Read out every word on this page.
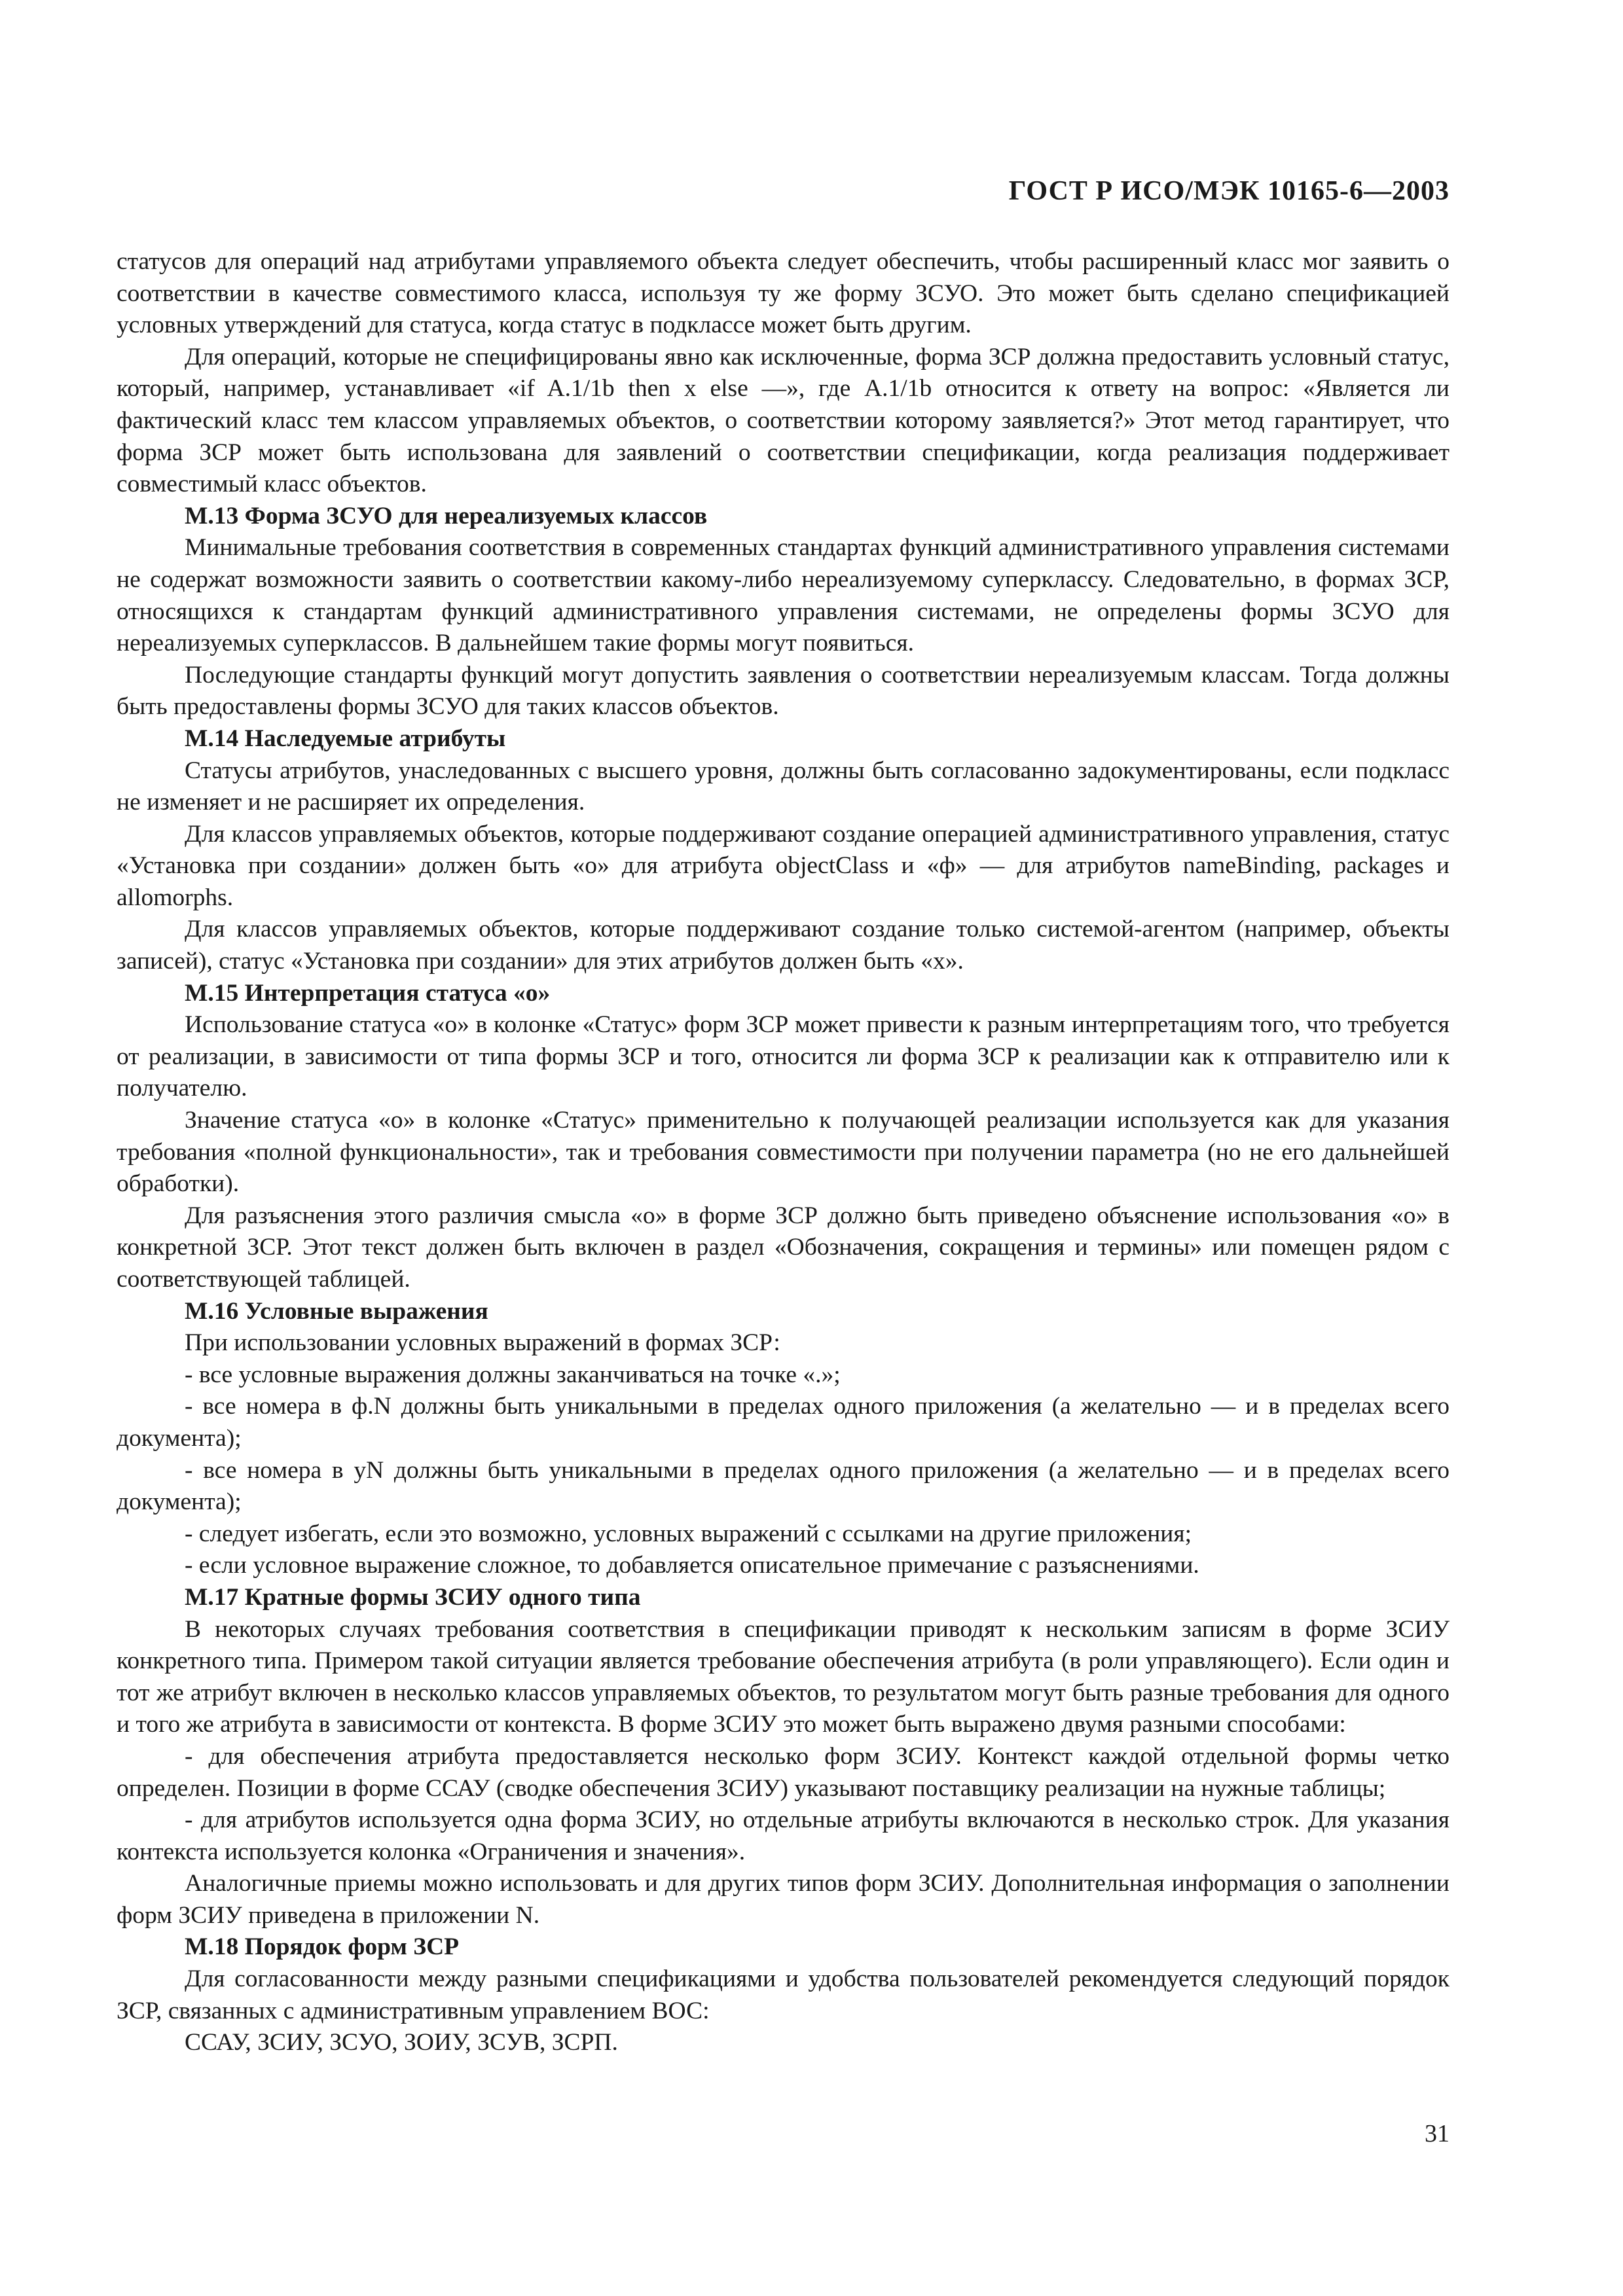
ГОСТ Р ИСО/МЭК 10165-6—2003

статусов для операций над атрибутами управляемого объекта следует обеспечить, чтобы расширенный класс мог заявить о соответствии в качестве совместимого класса, используя ту же форму ЗСУО. Это может быть сделано спецификацией условных утверждений для статуса, когда статус в подклассе может быть другим.

Для операций, которые не специфицированы явно как исключенные, форма ЗСР должна предоставить условный статус, который, например, устанавливает «if A.1/1b then x else —», где A.1/1b относится к ответу на вопрос: «Является ли фактический класс тем классом управляемых объектов, о соответствии которому заявляется?» Этот метод гарантирует, что форма ЗСР может быть использована для заявлений о соответствии спецификации, когда реализация поддерживает совместимый класс объектов.

М.13 Форма ЗСУО для нереализуемых классов

Минимальные требования соответствия в современных стандартах функций административного управления системами не содержат возможности заявить о соответствии какому-либо нереализуемому суперклассу. Следовательно, в формах ЗСР, относящихся к стандартам функций административного управления системами, не определены формы ЗСУО для нереализуемых суперклассов. В дальнейшем такие формы могут появиться.

Последующие стандарты функций могут допустить заявления о соответствии нереализуемым классам. Тогда должны быть предоставлены формы ЗСУО для таких классов объектов.

М.14 Наследуемые атрибуты

Статусы атрибутов, унаследованных с высшего уровня, должны быть согласованно задокументированы, если подкласс не изменяет и не расширяет их определения.

Для классов управляемых объектов, которые поддерживают создание операцией административного управления, статус «Установка при создании» должен быть «о» для атрибута objectClass и «ф» — для атрибутов nameBinding, packages и allomorphs.

Для классов управляемых объектов, которые поддерживают создание только системой-агентом (например, объекты записей), статус «Установка при создании» для этих атрибутов должен быть «х».

М.15 Интерпретация статуса «о»

Использование статуса «о» в колонке «Статус» форм ЗСР может привести к разным интерпретациям того, что требуется от реализации, в зависимости от типа формы ЗСР и того, относится ли форма ЗСР к реализации как к отправителю или к получателю.

Значение статуса «о» в колонке «Статус» применительно к получающей реализации используется как для указания требования «полной функциональности», так и требования совместимости при получении параметра (но не его дальнейшей обработки).

Для разъяснения этого различия смысла «о» в форме ЗСР должно быть приведено объяснение использования «о» в конкретной ЗСР. Этот текст должен быть включен в раздел «Обозначения, сокращения и термины» или помещен рядом с соответствующей таблицей.

М.16 Условные выражения

При использовании условных выражений в формах ЗСР:

- все условные выражения должны заканчиваться на точке «.»;

- все номера в ф.N должны быть уникальными в пределах одного приложения (а желательно — и в пределах всего документа);

- все номера в yN должны быть уникальными в пределах одного приложения (а желательно — и в пределах всего документа);

- следует избегать, если это возможно, условных выражений с ссылками на другие приложения;

- если условное выражение сложное, то добавляется описательное примечание с разъяснениями.

М.17 Кратные формы ЗСИУ одного типа

В некоторых случаях требования соответствия в спецификации приводят к нескольким записям в форме ЗСИУ конкретного типа. Примером такой ситуации является требование обеспечения атрибута (в роли управляющего). Если один и тот же атрибут включен в несколько классов управляемых объектов, то результатом могут быть разные требования для одного и того же атрибута в зависимости от контекста. В форме ЗСИУ это может быть выражено двумя разными способами:

- для обеспечения атрибута предоставляется несколько форм ЗСИУ. Контекст каждой отдельной формы четко определен. Позиции в форме ССАУ (сводке обеспечения ЗСИУ) указывают поставщику реализации на нужные таблицы;

- для атрибутов используется одна форма ЗСИУ, но отдельные атрибуты включаются в несколько строк. Для указания контекста используется колонка «Ограничения и значения».

Аналогичные приемы можно использовать и для других типов форм ЗСИУ. Дополнительная информация о заполнении форм ЗСИУ приведена в приложении N.

М.18 Порядок форм ЗСР

Для согласованности между разными спецификациями и удобства пользователей рекомендуется следующий порядок ЗСР, связанных с административным управлением ВОС:

ССАУ, ЗСИУ, ЗСУО, ЗОИУ, ЗСУВ, ЗСРП.

31
